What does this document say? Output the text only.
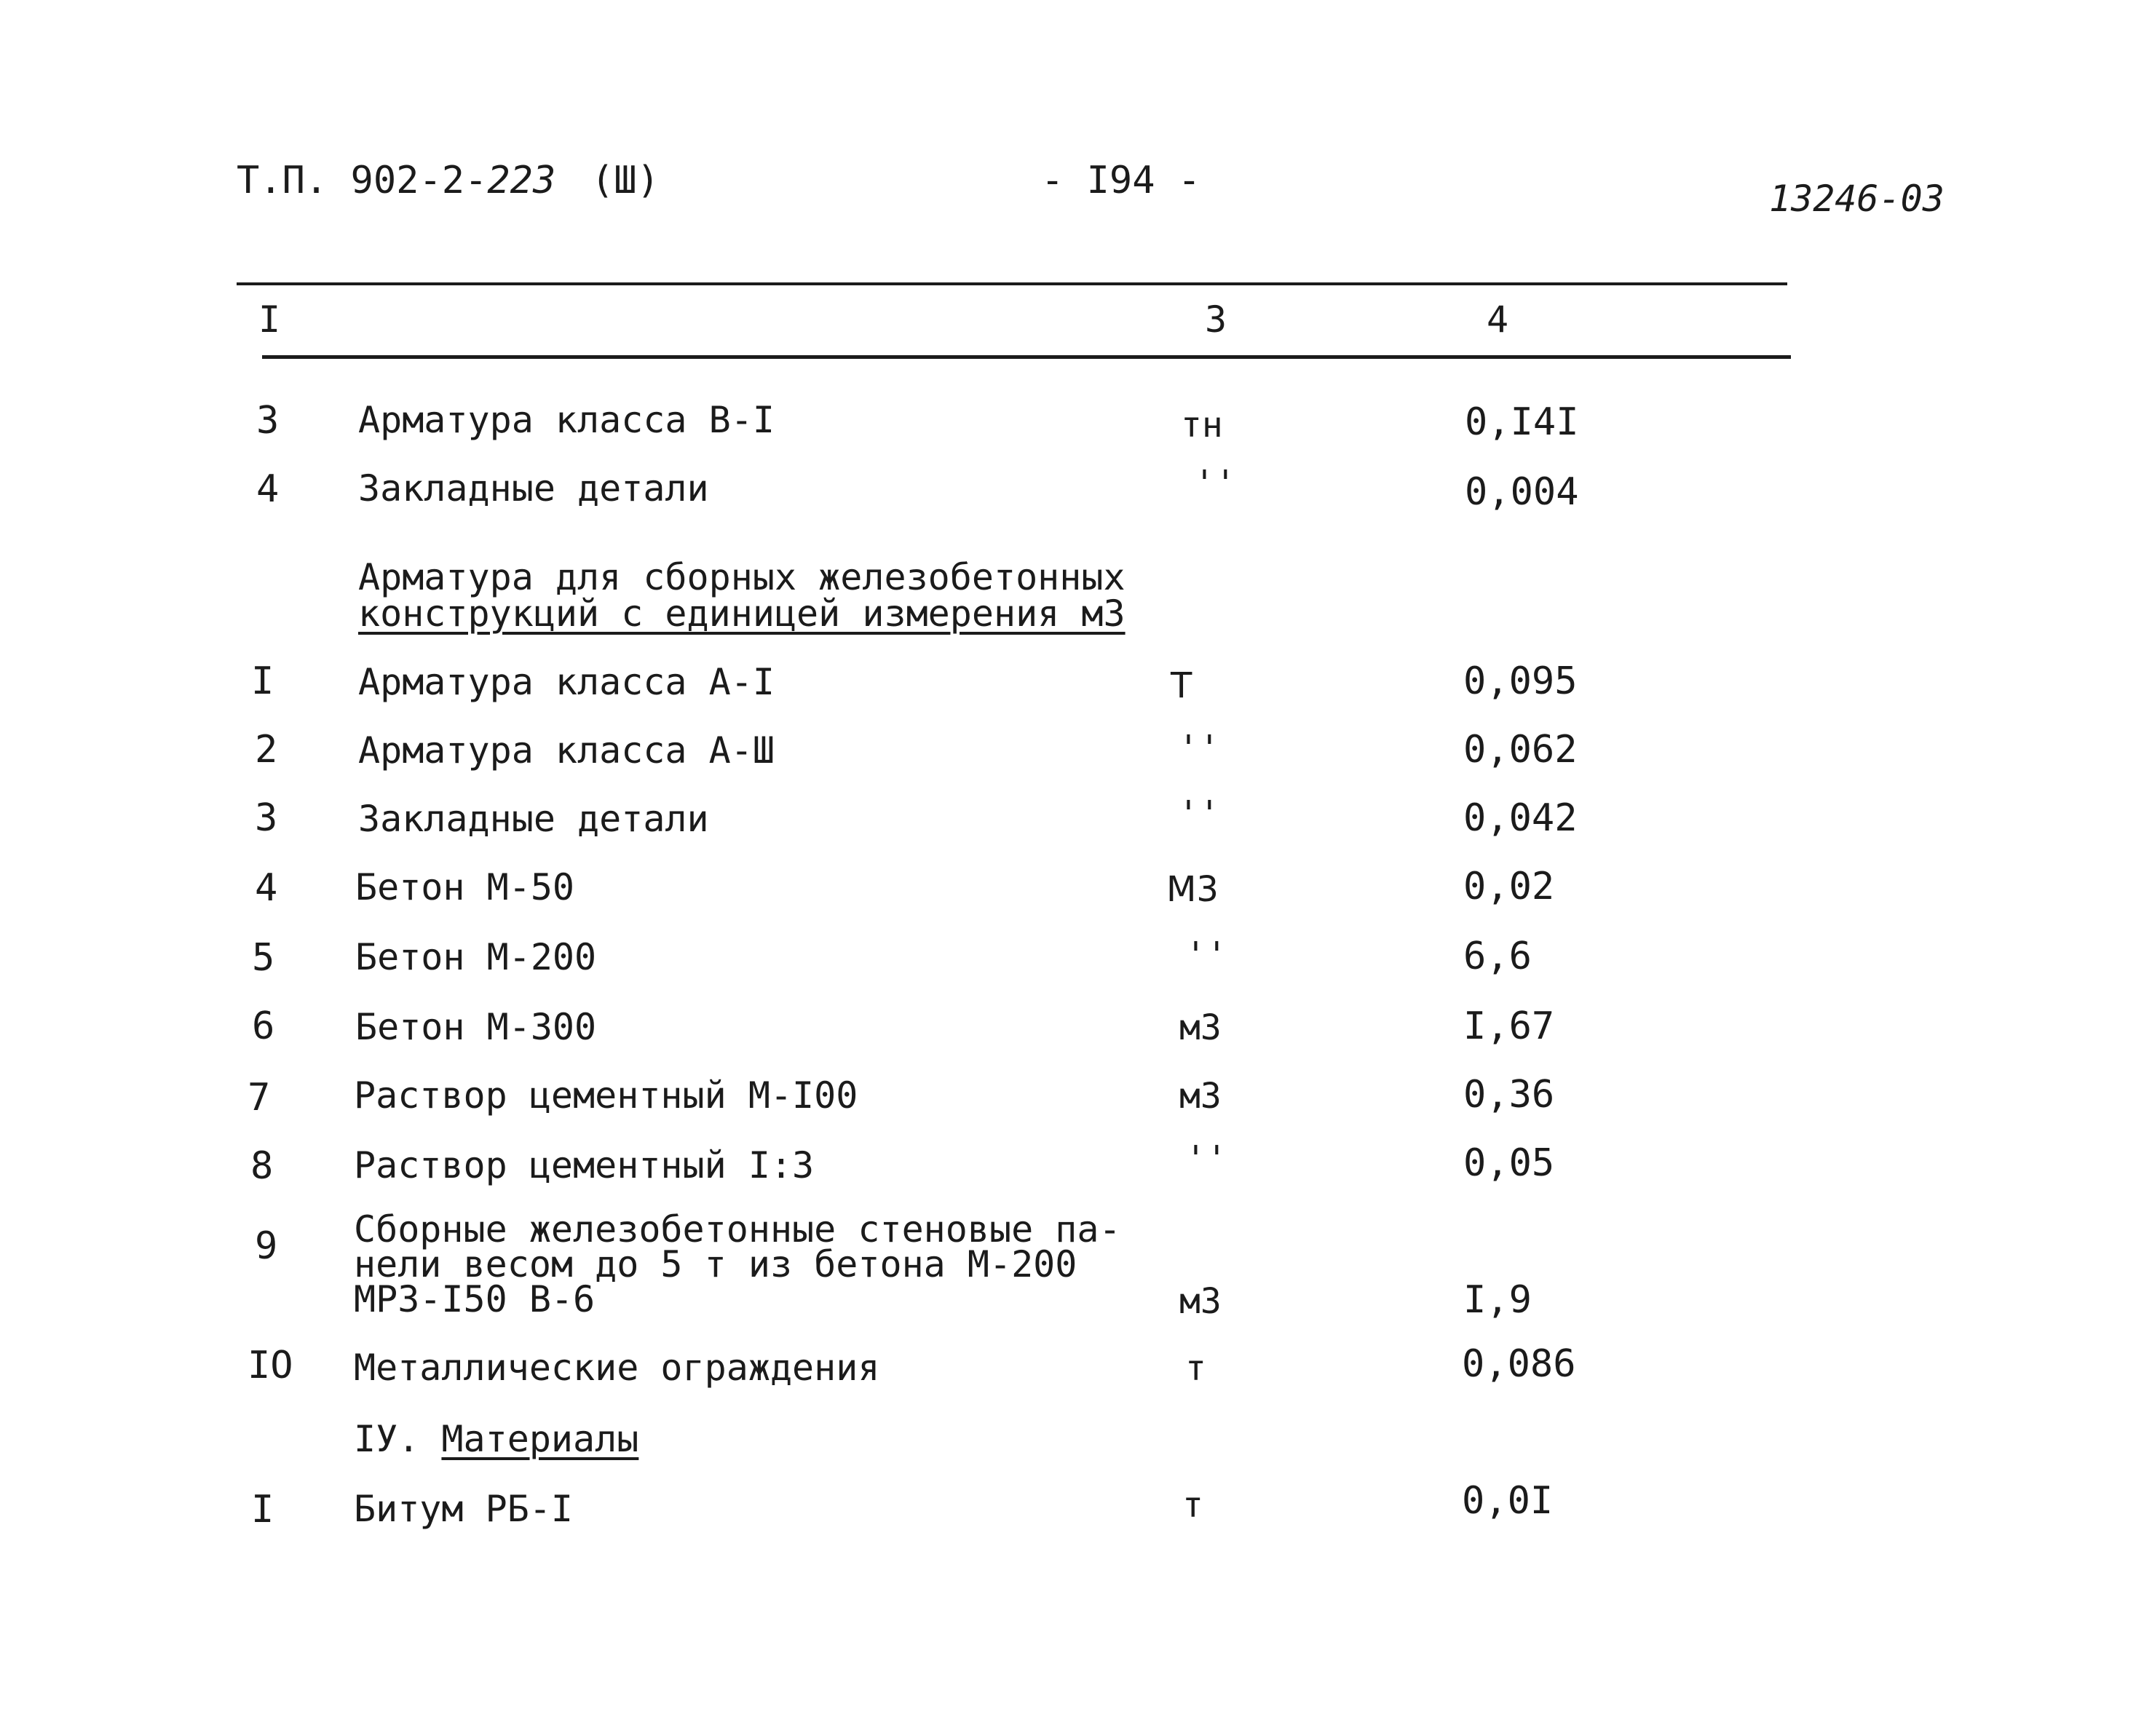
Т.П. 902-2-223 (Ш)	- I94 -	13246-03
I	3	4
3 Арматура класса В-I	тн	0,I4I
4 Закладные детали	''	0,004
Арматура для сборных железобетонных
конструкций с единицей измерения м3
I Арматура класса А-I	Т	0,095
2 Арматура класса А-Ш	''	0,062
3 Закладные детали	''	0,042
4 Бетон М-50	М3	0,02
5 Бетон М-200	''	6,6
6 Бетон М-300	м3	I,67
7 Раствор цементный М-I00	м3	0,36
8 Раствор цементный I:3	''	0,05
9 Сборные железобетонные стеновые па-
нели весом до 5 т из бетона М-200
МРЗ-I50 В-6	м3	I,9
IO Металлические ограждения	т	0,086
IУ. Материалы
I Битум РБ-I	т	0,0I
